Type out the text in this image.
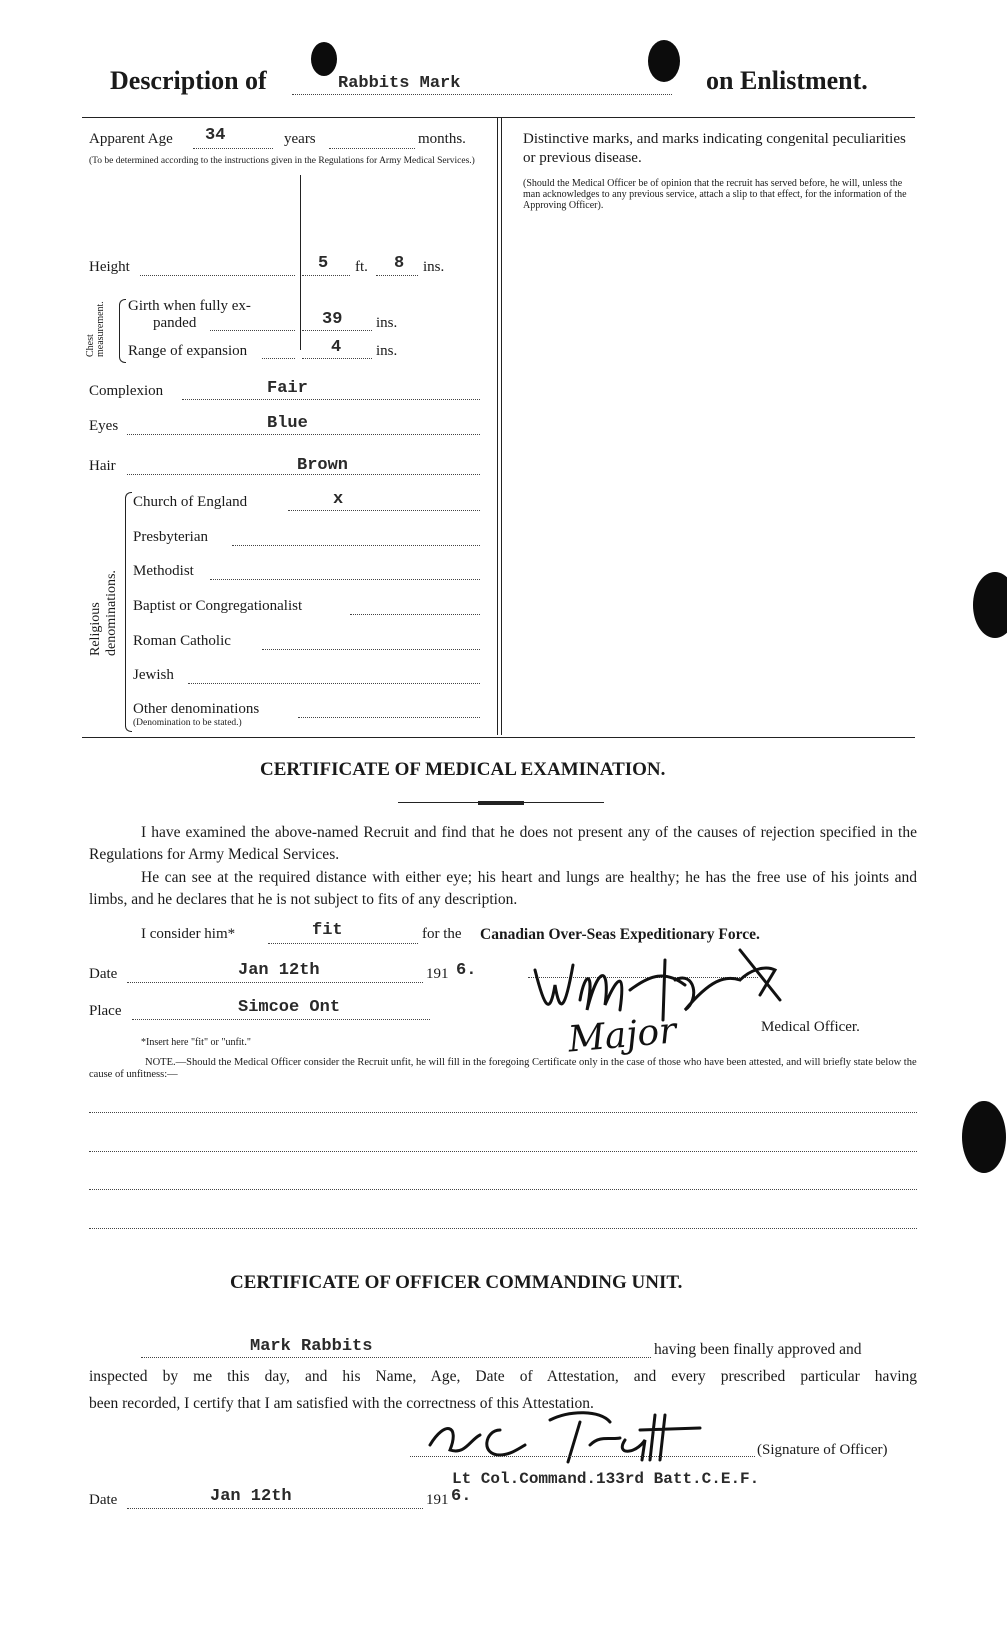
Description of	Rabbits Mark	on Enlistment.
Apparent Age 34	years	months.
(To be determined according to the instructions given in the Regulations for Army Medical Services.)
Height	5 ft. 8 ins.
Chest measurement. Girth when fully ex-
panded	39 ins.
Range of expansion	4 ins.
Complexion	Fair
Eyes	Blue
Hair	Brown
Religious denominations.
Church of England	x
Presbyterian
Methodist
Baptist or Congregationalist
Roman Catholic
Jewish
Other denominations
(Denomination to be stated.)
Distinctive marks, and marks indicating congenital peculiarities or previous disease.
(Should the Medical Officer be of opinion that the recruit has served before, he will, unless the man acknowledges to any previous service, attach a slip to that effect, for the information of the Approving Officer).
CERTIFICATE OF MEDICAL EXAMINATION.
I have examined the above-named Recruit and find that he does not present any of the causes of rejection specified in the Regulations for Army Medical Services.
He can see at the required distance with either eye; his heart and lungs are healthy; he has the free use of his joints and limbs, and he declares that he is not subject to fits of any description.
I consider him*	fit	for the Canadian Over-Seas Expeditionary Force.
Date	Jan 12th	191 6.
Place	Simcoe Ont
Major	Medical Officer.
*Insert here "fit" or "unfit."
NOTE.—Should the Medical Officer consider the Recruit unfit, he will fill in the foregoing Certificate only in the case of those who have been attested, and will briefly state below the cause of unfitness:—
CERTIFICATE OF OFFICER COMMANDING UNIT.
Mark Rabbits	having been finally approved and
inspected by me this day, and his Name, Age, Date of Attestation, and every prescribed particular having
been recorded, I certify that I am satisfied with the correctness of this Attestation.
(Signature of Officer)
Date	Jan 12th	191 6.
Lt Col.Command.133rd Batt.C.E.F.
